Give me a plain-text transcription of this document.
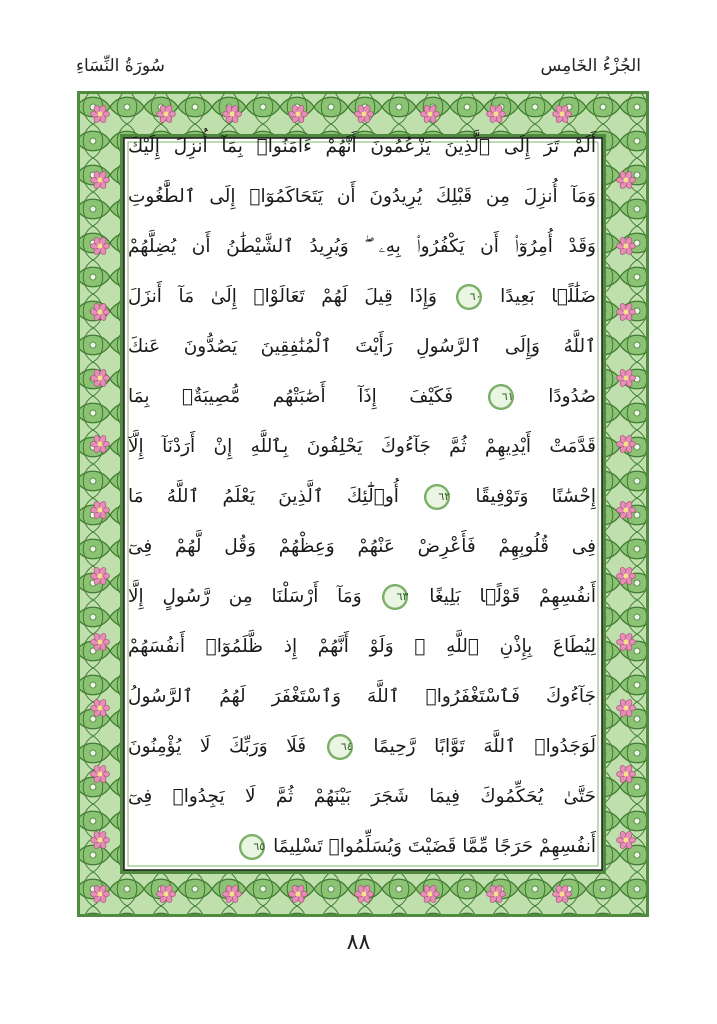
الجُزْءُ الخَامِس
سُورَةُ النِّسَاءِ
أَلَمْ تَرَ إِلَى ٱلَّذِينَ يَزْعُمُونَ أَنَّهُمْ ءَامَنُوا۟ بِمَآ أُنزِلَ إِلَيْكَ
وَمَآ أُنزِلَ مِن قَبْلِكَ يُرِيدُونَ أَن يَتَحَاكَمُوٓا۟ إِلَى ٱلطَّٰغُوتِ
وَقَدْ أُمِرُوٓا۟ أَن يَكْفُرُوا۟ بِهِۦ ۖ وَيُرِيدُ ٱلشَّيْطَٰنُ أَن يُضِلَّهُمْ
ضَلَٰلًۢا بَعِيدًا ٦٠ وَإِذَا قِيلَ لَهُمْ تَعَالَوْا۟ إِلَىٰ مَآ أَنزَلَ
ٱللَّهُ وَإِلَى ٱلرَّسُولِ رَأَيْتَ ٱلْمُنَٰفِقِينَ يَصُدُّونَ عَنكَ
صُدُودًا ٦١ فَكَيْفَ إِذَآ أَصَٰبَتْهُم مُّصِيبَةٌۢ بِمَا
قَدَّمَتْ أَيْدِيهِمْ ثُمَّ جَآءُوكَ يَحْلِفُونَ بِٱللَّهِ إِنْ أَرَدْنَآ إِلَّآ
إِحْسَٰنًا وَتَوْفِيقًا ٦٢ أُو۟لَٰٓئِكَ ٱلَّذِينَ يَعْلَمُ ٱللَّهُ مَا
فِى قُلُوبِهِمْ فَأَعْرِضْ عَنْهُمْ وَعِظْهُمْ وَقُل لَّهُمْ فِىٓ
أَنفُسِهِمْ قَوْلًۢا بَلِيغًا ٦٣ وَمَآ أَرْسَلْنَا مِن رَّسُولٍ إِلَّا
لِيُطَاعَ بِإِذْنِ ٱللَّهِ ۚ وَلَوْ أَنَّهُمْ إِذ ظَّلَمُوٓا۟ أَنفُسَهُمْ
جَآءُوكَ فَٱسْتَغْفَرُوا۟ ٱللَّهَ وَٱسْتَغْفَرَ لَهُمُ ٱلرَّسُولُ
لَوَجَدُوا۟ ٱللَّهَ تَوَّابًا رَّحِيمًا ٦٤ فَلَا وَرَبِّكَ لَا يُؤْمِنُونَ
حَتَّىٰ يُحَكِّمُوكَ فِيمَا شَجَرَ بَيْنَهُمْ ثُمَّ لَا يَجِدُوا۟ فِىٓ
أَنفُسِهِمْ حَرَجًا مِّمَّا قَضَيْتَ وَيُسَلِّمُوا۟ تَسْلِيمًا ٦٥
٨٨
